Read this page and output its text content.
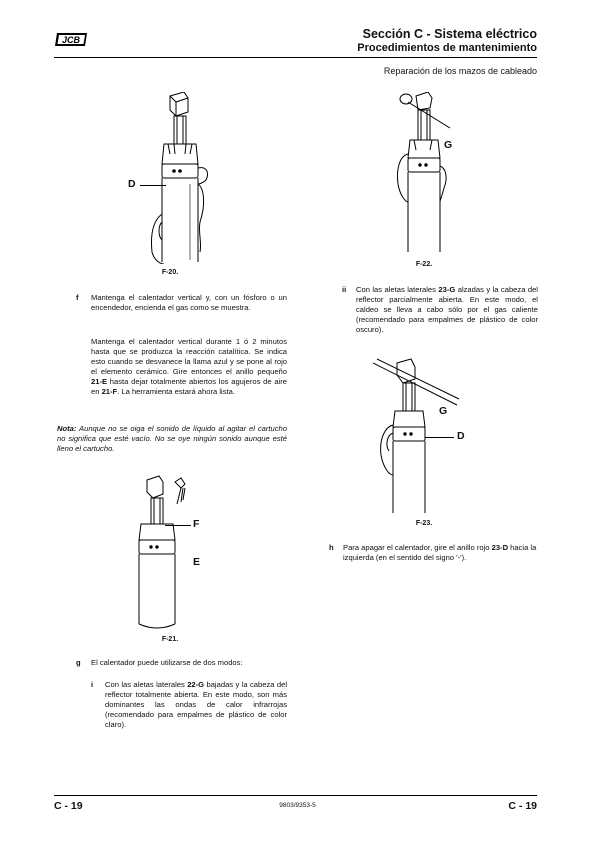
JCB	Sección C - Sistema eléctrico
Procedimientos de mantenimiento
Reparación de los mazos de cableado
D
F-20.
G
F-22.
ii Con las aletas laterales 23-G alzadas y la cabeza del reflector parcialmente abierta. En este modo, el caldeo se lleva a cabo sólo por el gas caliente (recomendado para empalmes de plástico de color oscuro).
G
D
F-23.
h Para apagar el calentador, gire el anillo rojo 23-D hacia la izquierda (en el sentido del signo '-').
f Mantenga el calentador vertical y, con un fósforo o un encendedor, encienda el gas como se muestra.
Mantenga el calentador vertical durante 1 ó 2 minutos hasta que se produzca la reacción catalítica. Se indica esto cuando se desvanece la llama azul y se pone al rojo el elemento cerámico. Gire entonces el anillo pequeño 21-E hasta dejar totalmente abiertos los agujeros de aire en 21-F. La herramienta estará ahora lista.
Nota: Aunque no se oiga el sonido de líquido al agitar el cartucho no significa que esté vacío. No se oye ningún sonido aunque esté lleno el cartucho.
F
E
F-21.
g El calentador puede utilizarse de dos modos:
i Con las aletas laterales 22-G bajadas y la cabeza del reflector totalmente abierta. En este modo, son más dominantes las ondas de calor infrarrojas (recomendado para empalmes de plástico de color claro).
C - 19	9803/9353-5	C - 19
